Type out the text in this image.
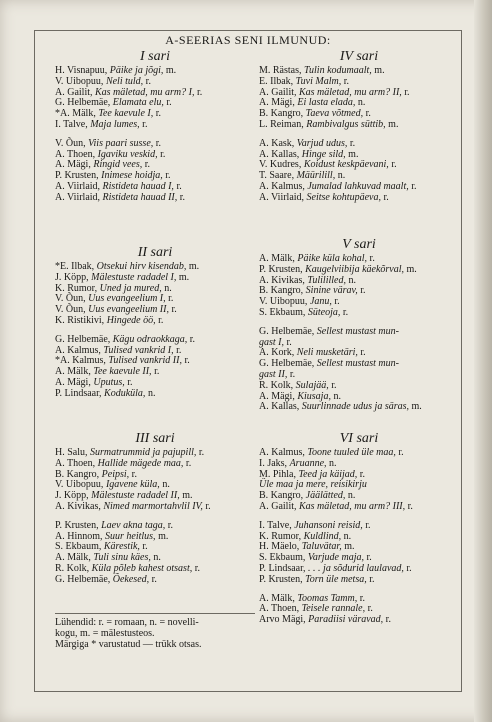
A-SEERIAS SENI ILMUNUD:
I sari
H. Visnapuu, Päike ja jõgi, m.
V. Uibopuu, Neli tuld, r.
A. Gailit, Kas mäletad, mu arm? I, r.
G. Helbemäe, Elamata elu, r.
*A. Mälk, Tee kaevule I, r.
I. Talve, Maja lumes, r.
V. Õun, Viis paari susse, r.
A. Thoen, Igaviku veskid, r.
A. Mägi, Ringid vees, r.
P. Krusten, Inimese hoidja, r.
A. Viirlaid, Ristideta hauad I, r.
A. Viirlaid, Ristideta hauad II, r.
II sari
*E. Ilbak, Otsekui hirv kisendab, m.
J. Köpp, Mälestuste radadel I, m.
K. Rumor, Uned ja mured, n.
V. Õun, Uus evangeelium I, r.
V. Õun, Uus evangeelium II, r.
K. Ristikivi, Hingede öö, r.
G. Helbemäe, Kägu odraokkaga, r.
A. Kalmus, Tulised vankrid I, r.
*A. Kalmus, Tulised vankrid II, r.
A. Mälk, Tee kaevule II, r.
A. Mägi, Uputus, r.
P. Lindsaar, Koduküla, n.
III sari
H. Salu, Surmatrummid ja pajupill, r.
A. Thoen, Hallide mägede maa, r.
B. Kangro, Peipsi, r.
V. Uibopuu, Igavene küla, n.
J. Köpp, Mälestuste radadel II, m.
A. Kivikas, Nimed marmortahvlil IV, r.
P. Krusten, Laev akna taga, r.
A. Hinnom, Suur heitlus, m.
S. Ekbaum, Kärestik, r.
A. Mälk, Tuli sinu käes, n.
R. Kolk, Küla põleb kahest otsast, r.
G. Helbemäe, Õekesed, r.
IV sari
M. Rästas, Tulin kodumaalt, m.
E. Ilbak, Tuvi Malm, r.
A. Gailit, Kas mäletad, mu arm? II, r.
A. Mägi, Ei lasta elada, n.
B. Kangro, Taeva võtmed, r.
L. Reiman, Rambivalgus süttib, m.
A. Kask, Varjud udus, r.
A. Kallas, Hinge sild, m.
V. Kudres, Koidust keskpäevani, r.
T. Saare, Mäürilill, n.
A. Kalmus, Jumalad lahkuvad maalt, r.
A. Viirlaid, Seitse kohtupäeva, r.
V sari
A. Mälk, Päike küla kohal, r.
P. Krusten, Kaugelviibija käekõrval, m.
A. Kivikas, Tulililled, n.
B. Kangro, Sinine värav, r.
V. Uibopuu, Janu, r.
S. Ekbaum, Süteoja, r.
G. Helbemäe, Sellest mustast mun-
gast I, r.
A. Kork, Neli musketäri, r.
G. Helbemäe, Sellest mustast mun-
gast II, r.
R. Kolk, Sulajää, r.
A. Mägi, Kiusaja, n.
A. Kallas, Suurlinnade udus ja säras, m.
VI sari
A. Kalmus, Toone tuuled üle maa, r.
I. Jaks, Aruanne, n.
M. Pihla, Teed ja käijad, r.
Üle maa ja mere, reisikirju
B. Kangro, Jäälätted, n.
A. Gailit, Kas mäletad, mu arm? III, r.
I. Talve, Juhansoni reisid, r.
K. Rumor, Kuldlind, n.
H. Mäelo, Taluvätar, m.
S. Ekbaum, Varjude maja, r.
P. Lindsaar, . . . ja sõdurid laulavad, r.
P. Krusten, Torn üle metsa, r.
A. Mälk, Toomas Tamm, r.
A. Thoen, Teisele rannale, r.
Arvo Mägi, Paradiisi väravad, r.
Lühendid: r. = romaan, n. = novelli-
kogu, m. = mälestusteos.
Märgiga * varustatud — trükk otsas.
